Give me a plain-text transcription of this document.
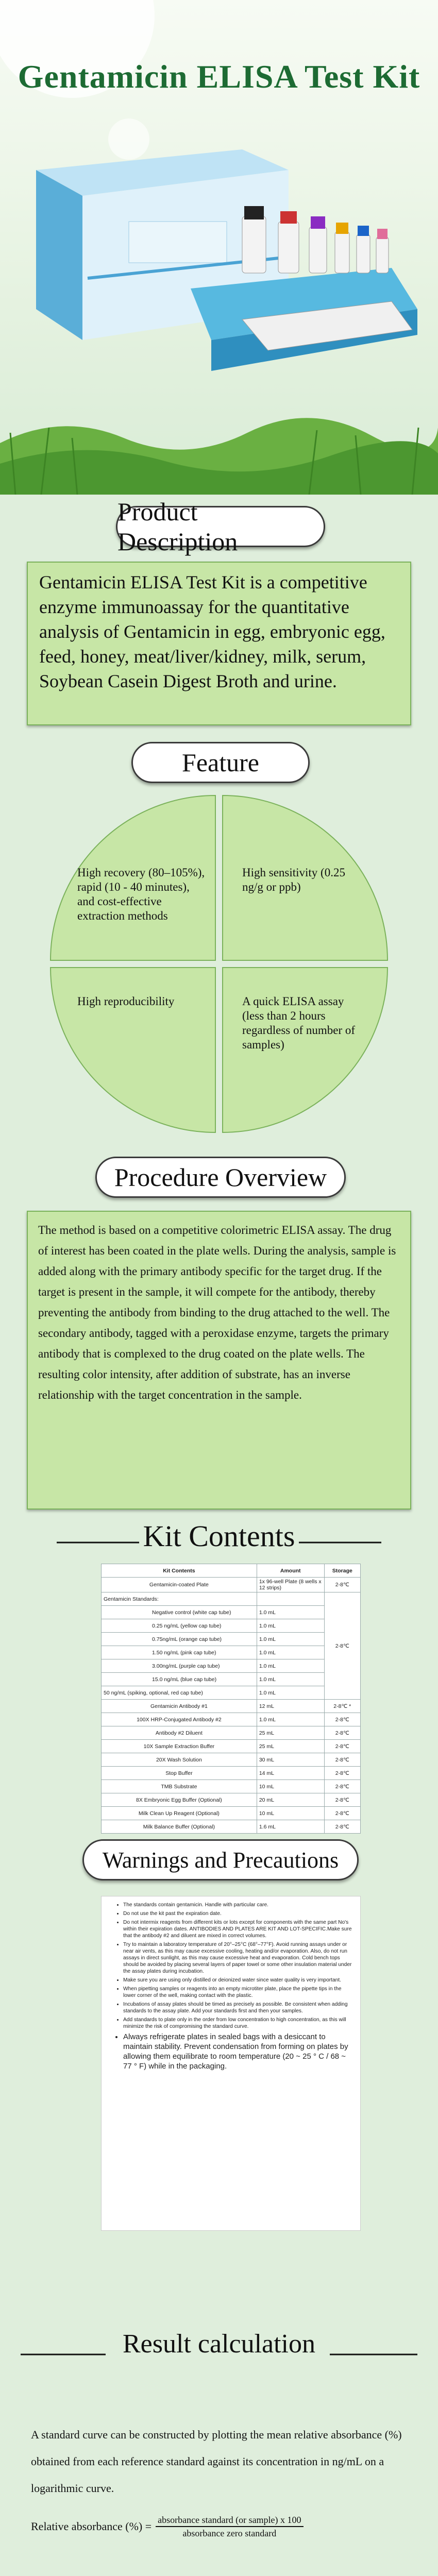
Gentamicin ELISA Test Kit
Product Description
Gentamicin ELISA Test Kit is a competitive enzyme immunoassay for the quantitative analysis of Gentamicin in egg, embryonic egg, feed, honey, meat/liver/kidney, milk, serum, Soybean Casein Digest Broth and urine.
Feature
High recovery (80–105%), rapid (10 - 40 minutes), and cost-effective extraction methods
High sensitivity (0.25 ng/g or ppb)
High reproducibility	A quick ELISA assay (less than 2 hours regardless of number of samples)
Procedure Overview
The method is based on a competitive colorimetric ELISA assay. The drug of interest has been coated in the plate wells. During the analysis, sample is added along with the primary antibody specific for the target drug. If the target is present in the sample, it will compete for the antibody, thereby preventing the antibody from binding to the drug attached to the well. The secondary antibody, tagged with a peroxidase enzyme, targets the primary antibody that is complexed to the drug coated on the plate wells. The resulting color intensity, after addition of substrate, has an inverse relationship with the target concentration in the sample.
Kit Contents
Kit Contents	Amount	Storage
Gentamicin-coated Plate	1x 96-well Plate (8 wells x 12 strips)	2-8℃
Gentamicin Standards:		2-8℃
Negative control (white cap tube)	1.0 mL	
0.25 ng/mL (yellow cap tube)	1.0 mL	
0.75ng/mL (orange cap tube)	1.0 mL	
1.50 ng/mL (pink cap tube)	1.0 mL	
3.00ng/mL (purple cap tube)	1.0 mL	
15.0 ng/mL (blue cap tube)	1.0 mL	
50 ng/mL (spiking, optional, red cap tube)	1.0 mL	
Gentamicin Antibody #1	12 mL	2-8℃ *
100X HRP-Conjugated Antibody #2	1.0 mL	2-8℃
Antibody #2 Diluent	25 mL	2-8℃
10X Sample Extraction Buffer	25 mL	2-8℃
20X Wash Solution	30 mL	2-8℃
Stop Buffer	14 mL	2-8℃
TMB Substrate	10 mL	2-8℃
8X Embryonic Egg Buffer (Optional)	20 mL	2-8℃
Milk Clean Up Reagent (Optional)	10 mL	2-8℃
Milk Balance Buffer (Optional)	1.6 mL	2-8℃
Warnings and Precautions
• The standards contain gentamicin. Handle with particular care.
• Do not use the kit past the expiration date.
• Do not intermix reagents from different kits or lots except for components with the same part No's within their expiration dates. ANTIBODIES AND PLATES ARE KIT AND LOT-SPECIFIC.Make sure that the antibody #2 and diluent are mixed in correct volumes.
• Try to maintain a laboratory temperature of 20°–25°C (68°–77°F). Avoid running assays under or near air vents, as this may cause excessive cooling, heating and/or evaporation. Also, do not run assays in direct sunlight, as this may cause excessive heat and evaporation. Cold bench tops should be avoided by placing several layers of paper towel or some other insulation material under the assay plates during incubation.
• Make sure you are using only distilled or deionized water since water quality is very important.
• When pipetting samples or reagents into an empty microtiter plate, place the pipette tips in the lower corner of the well, making contact with the plastic.
• Incubations of assay plates should be timed as precisely as possible. Be consistent when adding standards to the assay plate. Add your standards first and then your samples.
• Add standards to plate only in the order from low concentration to high concentration, as this will minimize the risk of compromising the standard curve.
• Always refrigerate plates in sealed bags with a desiccant to maintain stability. Prevent condensation from forming on plates by allowing them equilibrate to room temperature (20 ~ 25 ° C / 68 ~ 77 ° F) while in the packaging.
Result calculation
A standard curve can be constructed by plotting the mean relative absorbance (%) obtained from each reference standard against its concentration in ng/mL on a logarithmic curve.
Relative absorbance (%) = $\frac{\text{absorbance standard (or sample) x 100}}{\text{absorbance zero standard}}$
